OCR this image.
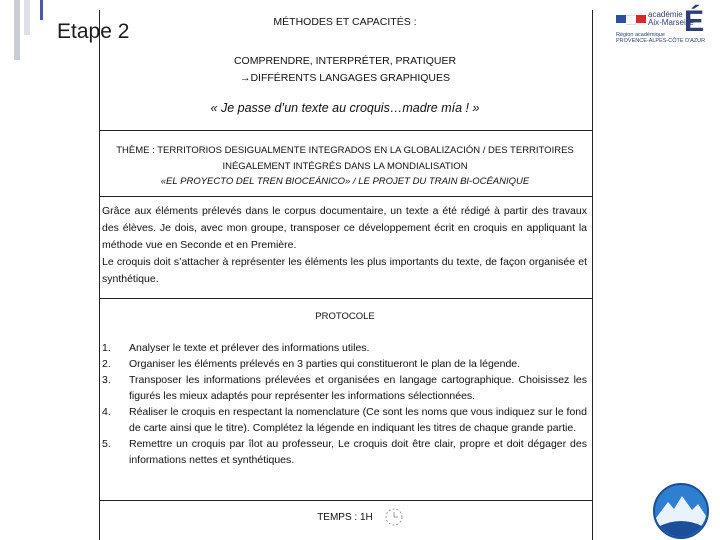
Etape 2
académie
Aix-Marseille
É
Région académique
PROVENCE-ALPES-CÔTE D'AZUR
MÉTHODES ET CAPACITÉS :
COMPRENDRE, INTERPRÉTER, PRATIQUER
→DIFFÉRENTS LANGAGES GRAPHIQUES
« Je passe d’un texte au croquis…madre mía ! »
THÈME : TERRITORIOS DESIGUALMENTE INTEGRADOS EN LA GLOBALIZACIÓN / DES TERRITOIRES
INÉGALEMENT INTÉGRÉS DANS LA MONDIALISATION
«EL PROYECTO DEL TREN BIOCEÁNICO» / LE PROJET DU TRAIN BI-OCÉANIQUE

Grâce aux éléments prélevés dans le corpus documentaire, un texte a été rédigé à partir des travaux des élèves. Je dois, avec mon groupe, transposer ce développement écrit en croquis en appliquant la méthode vue en Seconde et en Première.

Le croquis doit s’attacher à représenter les éléments les plus importants du texte, de façon organisée et synthétique.

PROTOCOLE
1. Analyser le texte et prélever des informations utiles.
2. Organiser les éléments prélevés en 3 parties qui constitueront le plan de la légende.
3. Transposer les informations prélevées et organisées en langage cartographique. Choisissez les figurés les mieux adaptés pour représenter les informations sélectionnées.
4. Réaliser le croquis en respectant la nomenclature (Ce sont les noms que vous indiquez sur le fond de carte ainsi que le titre). Complétez la légende en indiquant les titres de chaque grande partie.
5. Remettre un croquis par îlot au professeur, Le croquis doit être clair, propre et doit dégager des informations nettes et synthétiques.
TEMPS : 1H
